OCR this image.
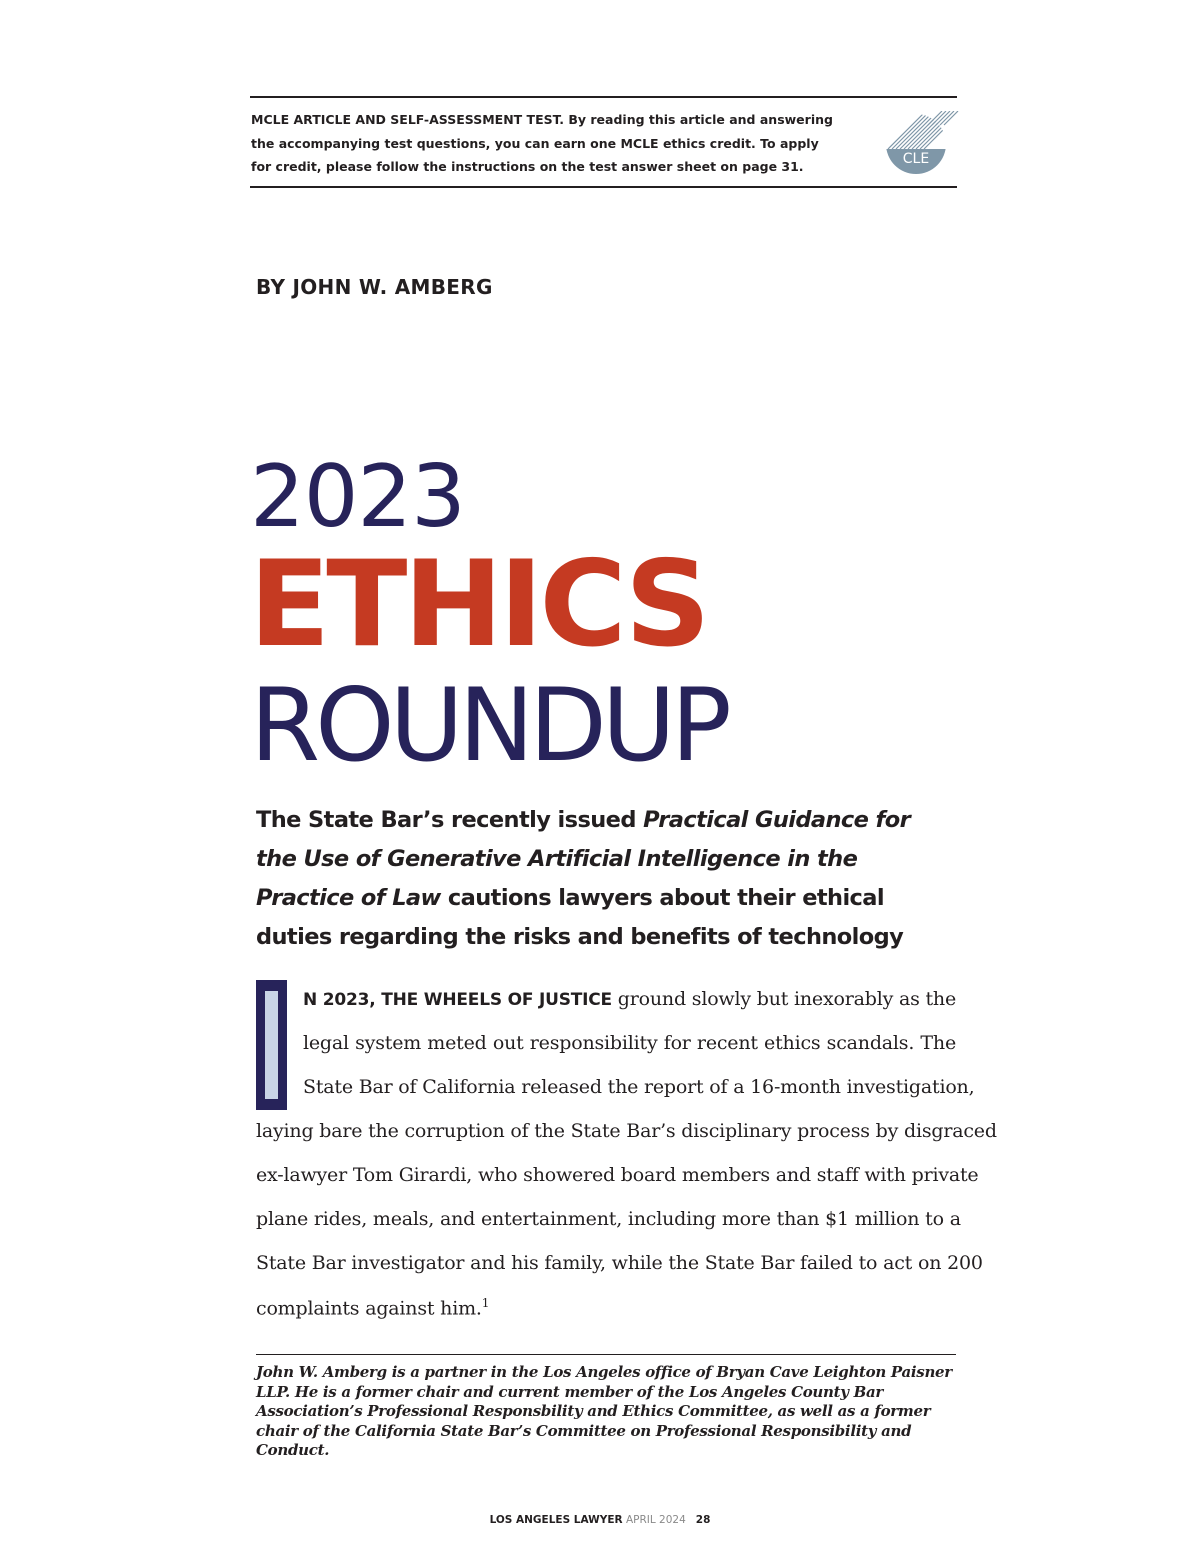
MCLE ARTICLE AND SELF-ASSESSMENT TEST. By reading this article and answering the accompanying test questions, you can earn one MCLE ethics credit. To apply for credit, please follow the instructions on the test answer sheet on page 31.	CLE
BY JOHN W. AMBERG
2023
ETHICS
ROUNDUP
The State Bar’s recently issued Practical Guidance for the Use of Generative Artificial Intelligence in the Practice of Law cautions lawyers about their ethical duties regarding the risks and benefits of technology
N 2023, THE WHEELS OF JUSTICE ground slowly but inexorably as the
legal system meted out responsibility for recent ethics scandals. The
State Bar of California released the report of a 16-month investigation,
laying bare the corruption of the State Bar’s disciplinary process by disgraced
ex-lawyer Tom Girardi, who showered board members and staff with private
plane rides, meals, and entertainment, including more than $1 million to a
State Bar investigator and his family, while the State Bar failed to act on 200
complaints against him.$^1$
John W. Amberg is a partner in the Los Angeles office of Bryan Cave Leighton Paisner LLP. He is a former chair and current member of the Los Angeles County Bar Association’s Professional Responsbility and Ethics Committee, as well as a former chair of the California State Bar’s Committee on Professional Responsibility and Conduct.
LOS ANGELES LAWYER APRIL 2024 28
